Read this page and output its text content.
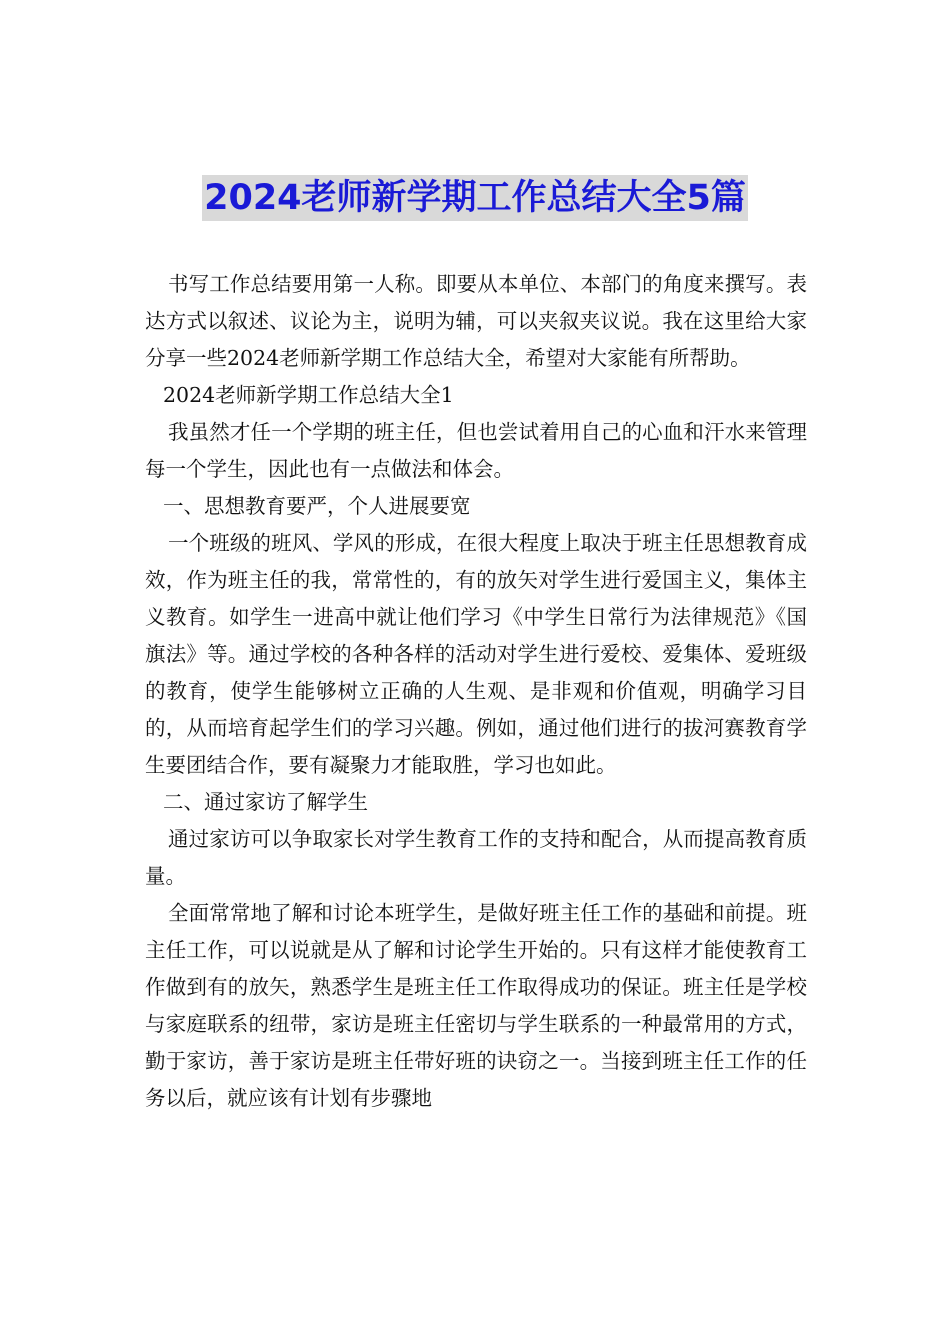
2024老师新学期工作总结大全5篇

书写工作总结要用第一人称。即要从本单位、本部门的角度来撰写。表达方式以叙述、议论为主，说明为辅，可以夹叙夹议说。我在这里给大家分享一些2024老师新学期工作总结大全，希望对大家能有所帮助。

2024老师新学期工作总结大全1

我虽然才任一个学期的班主任，但也尝试着用自己的心血和汗水来管理每一个学生，因此也有一点做法和体会。

一、思想教育要严，个人进展要宽

一个班级的班风、学风的形成，在很大程度上取决于班主任思想教育成效，作为班主任的我，常常性的，有的放矢对学生进行爱国主义，集体主义教育。如学生一进高中就让他们学习《中学生日常行为法律规范》《国旗法》等。通过学校的各种各样的活动对学生进行爱校、爱集体、爱班级的教育，使学生能够树立正确的人生观、是非观和价值观，明确学习目的，从而培育起学生们的学习兴趣。例如，通过他们进行的拔河赛教育学生要团结合作，要有凝聚力才能取胜，学习也如此。

二、通过家访了解学生

通过家访可以争取家长对学生教育工作的支持和配合，从而提高教育质量。

全面常常地了解和讨论本班学生，是做好班主任工作的基础和前提。班主任工作，可以说就是从了解和讨论学生开始的。只有这样才能使教育工作做到有的放矢，熟悉学生是班主任工作取得成功的保证。班主任是学校与家庭联系的纽带，家访是班主任密切与学生联系的一种最常用的方式，勤于家访，善于家访是班主任带好班的诀窃之一。当接到班主任工作的任务以后，就应该有计划有步骤地
